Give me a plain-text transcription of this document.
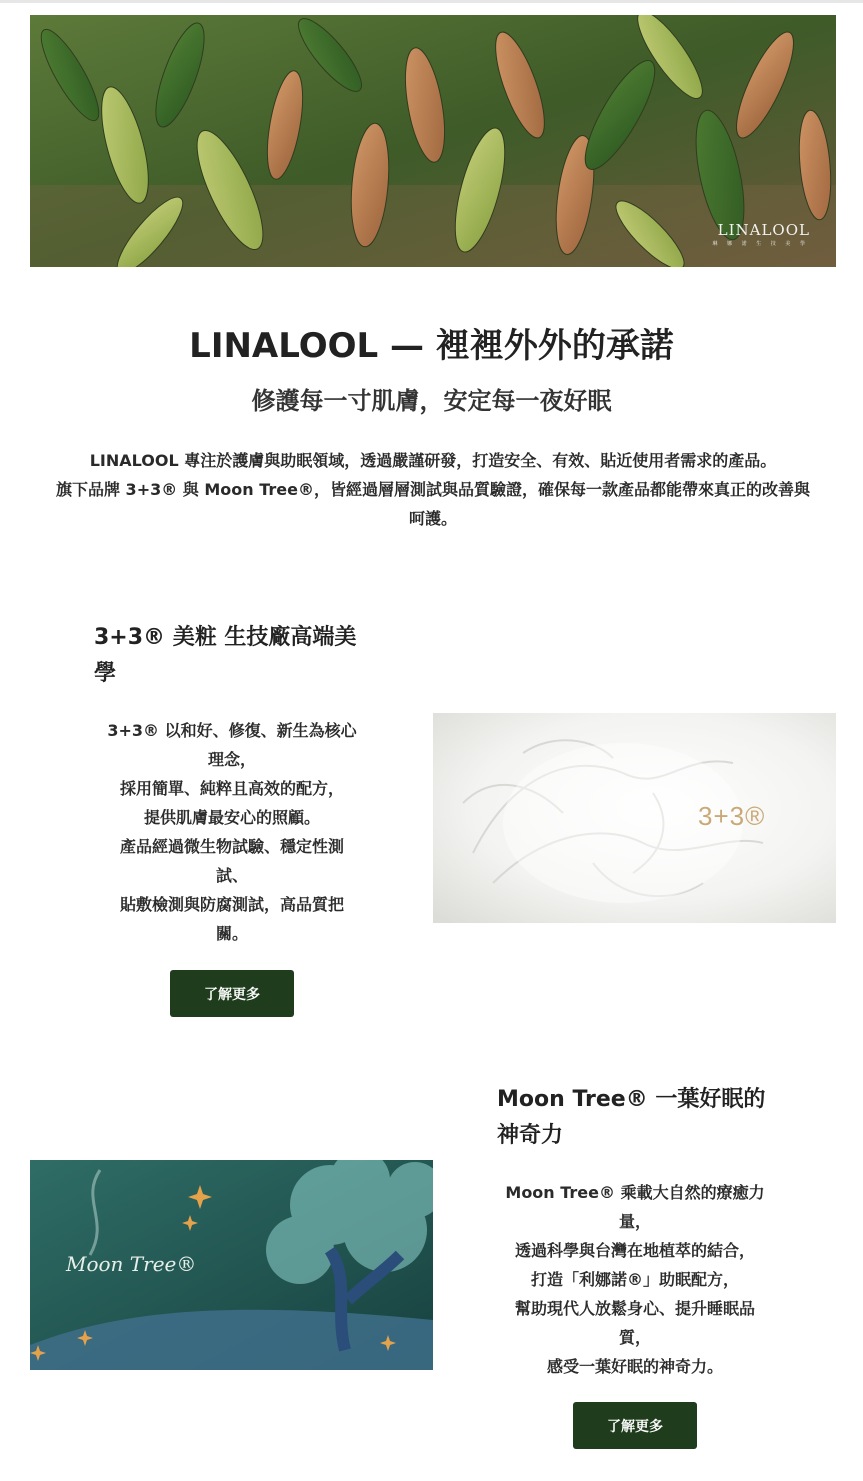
LINALOOL
琳 娜 諾 生 技 美 學
LINALOOL — 裡裡外外的承諾
修護每一寸肌膚，安定每一夜好眠
LINALOOL 專注於護膚與助眠領域，透過嚴謹研發，打造安全、有效、貼近使用者需求的產品。
旗下品牌 3+3® 與 Moon Tree®，皆經過層層測試與品質驗證，確保每一款產品都能帶來真正的改善與
呵護。
3+3® 美粧 生技廠高端美
學
3+3® 以和好、修復、新生為核心
理念，
採用簡單、純粹且高效的配方，
提供肌膚最安心的照顧。
產品經過微生物試驗、穩定性測
試、
貼敷檢測與防腐測試，高品質把
關。
了解更多
3+3®
Moon Tree® 一葉好眠的
神奇力
Moon Tree® 乘載大自然的療癒力
量，
透過科學與台灣在地植萃的結合，
打造「利娜諾®」助眠配方，
幫助現代人放鬆身心、提升睡眠品
質，
感受一葉好眠的神奇力。
了解更多
Moon Tree®
